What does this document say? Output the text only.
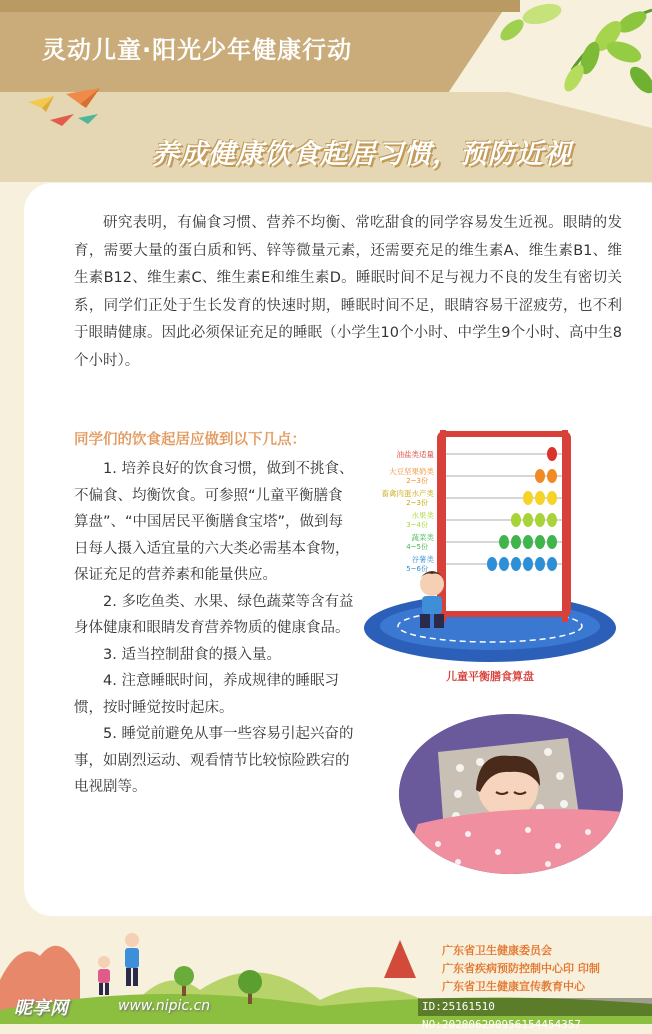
灵动儿童·阳光少年健康行动
养成健康饮食起居习惯，预防近视

研究表明，有偏食习惯、营养不均衡、常吃甜食的同学容易发生近视。眼睛的发育，需要大量的蛋白质和钙、锌等微量元素，还需要充足的维生素A、维生素B1、维生素B12、维生素C、维生素E和维生素D。睡眠时间不足与视力不良的发生有密切关系，同学们正处于生长发育的快速时期，睡眠时间不足，眼睛容易干涩疲劳，也不利于眼睛健康。因此必须保证充足的睡眠（小学生10个小时、中学生9个小时、高中生8个小时）。

同学们的饮食起居应做到以下几点：

1. 培养良好的饮食习惯，做到不挑食、不偏食、均衡饮食。可参照“儿童平衡膳食算盘”、“中国居民平衡膳食宝塔”，做到每日每人摄入适宜量的六大类必需基本食物，保证充足的营养素和能量供应。

2. 多吃鱼类、水果、绿色蔬菜等含有益身体健康和眼睛发育营养物质的健康食品。

3. 适当控制甜食的摄入量。

4. 注意睡眠时间，养成规律的睡眠习惯，按时睡觉按时起床。

5. 睡觉前避免从事一些容易引起兴奋的事，如剧烈运动、观看情节比较惊险跌宕的电视剧等。

油盐类适量
大豆坚果奶类
2~3份
畜禽肉蛋水产类
2~3份
水果类
3~4份
蔬菜类
4~5份
谷薯类
5~6份
儿童平衡膳食算盘
广东省卫生健康委员会
广东省疾病预防控制中心印 印制
广东省卫生健康宣传教育中心
昵享网	www.nipic.cn	ID:25161510 NO:20200629095615445435​7
